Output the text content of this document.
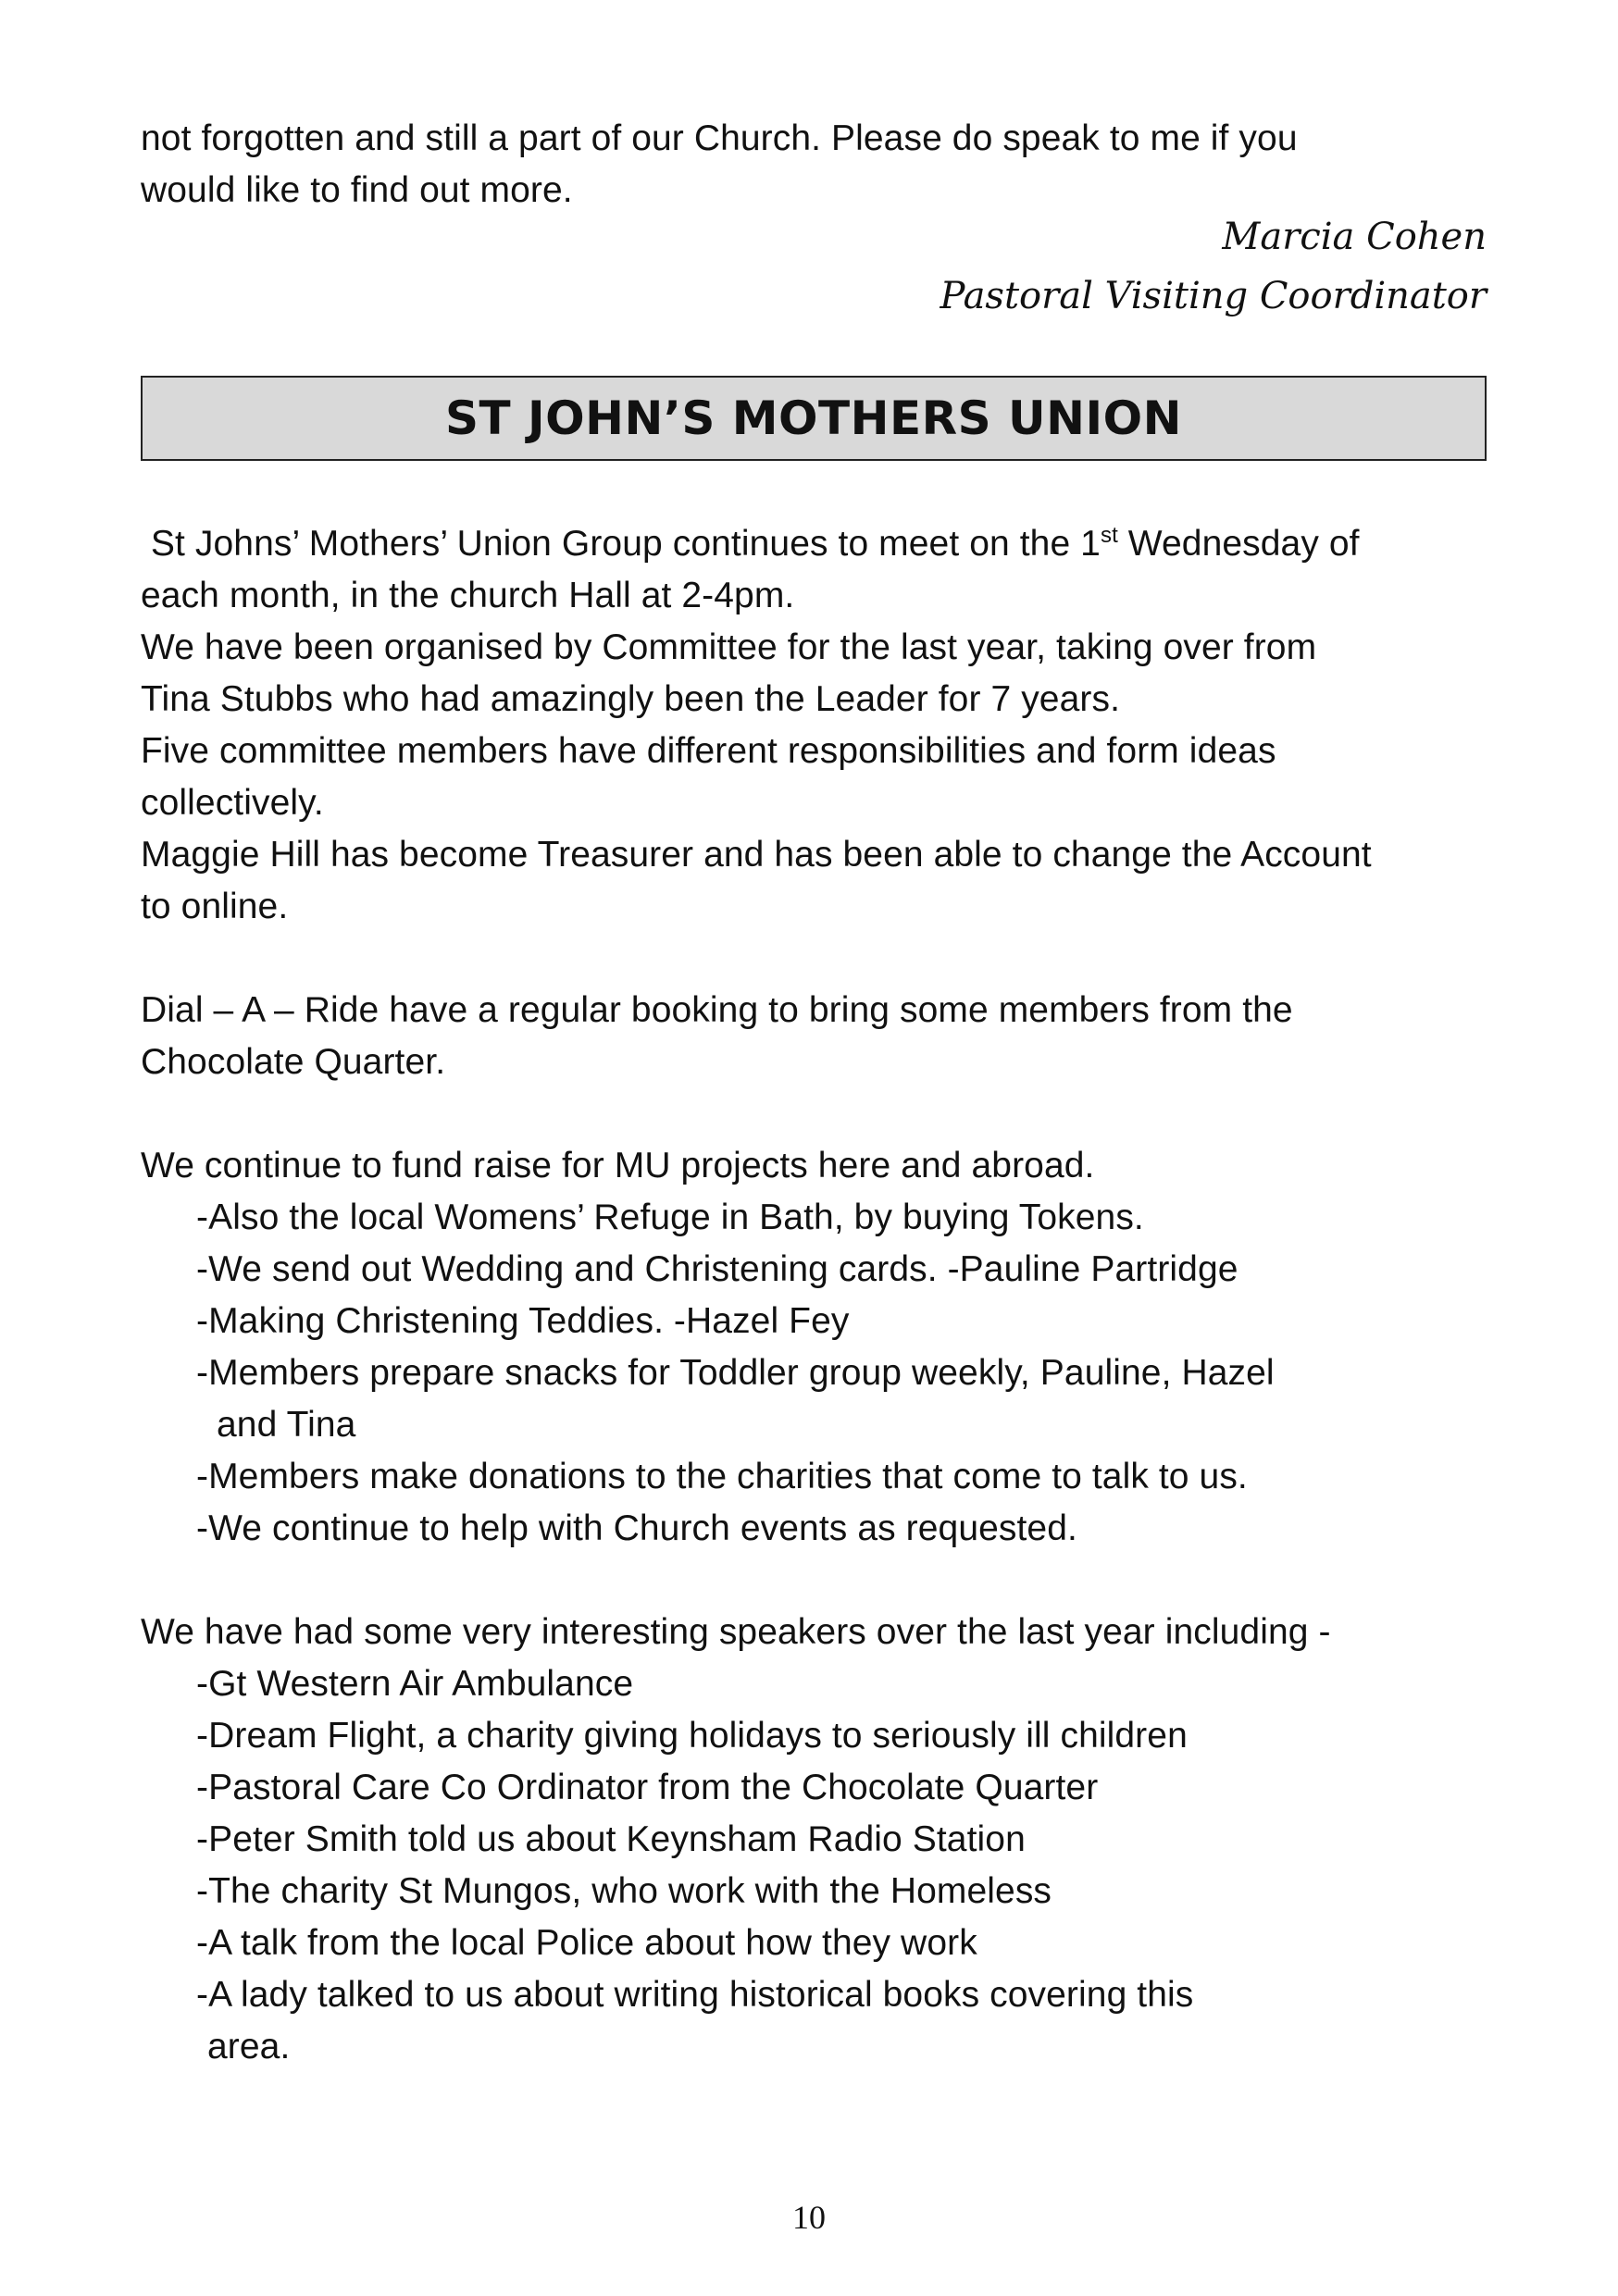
not forgotten and still a part of our Church. Please do speak to me if you
would like to find out more.
Marcia Cohen
Pastoral Visiting Coordinator
ST JOHN’S MOTHERS UNION
St Johns’ Mothers’ Union Group continues to meet on the 1st Wednesday of
each month, in the church Hall at 2-4pm.
We have been organised by Committee for the last year, taking over from
Tina Stubbs who had amazingly been the Leader for 7 years.
Five committee members have different responsibilities and form ideas
collectively.
Maggie Hill has become Treasurer and has been able to change the Account
to online.
Dial – A – Ride have a regular booking to bring some members from the
Chocolate Quarter.
We continue to fund raise for MU projects here and abroad.
-Also the local Womens’ Refuge in Bath, by buying Tokens.
-We send out Wedding and Christening cards. -Pauline Partridge
-Making Christening Teddies. -Hazel Fey
-Members prepare snacks for Toddler group weekly, Pauline, Hazel
and Tina
-Members make donations to the charities that come to talk to us.
-We continue to help with Church events as requested.
We have had some very interesting speakers over the last year including -
-Gt Western Air Ambulance
-Dream Flight, a charity giving holidays to seriously ill children
-Pastoral Care Co Ordinator from the Chocolate Quarter
-Peter Smith told us about Keynsham Radio Station
-The charity St Mungos, who work with the Homeless
-A talk from the local Police about how they work
-A lady talked to us about writing historical books covering this
area.
10
